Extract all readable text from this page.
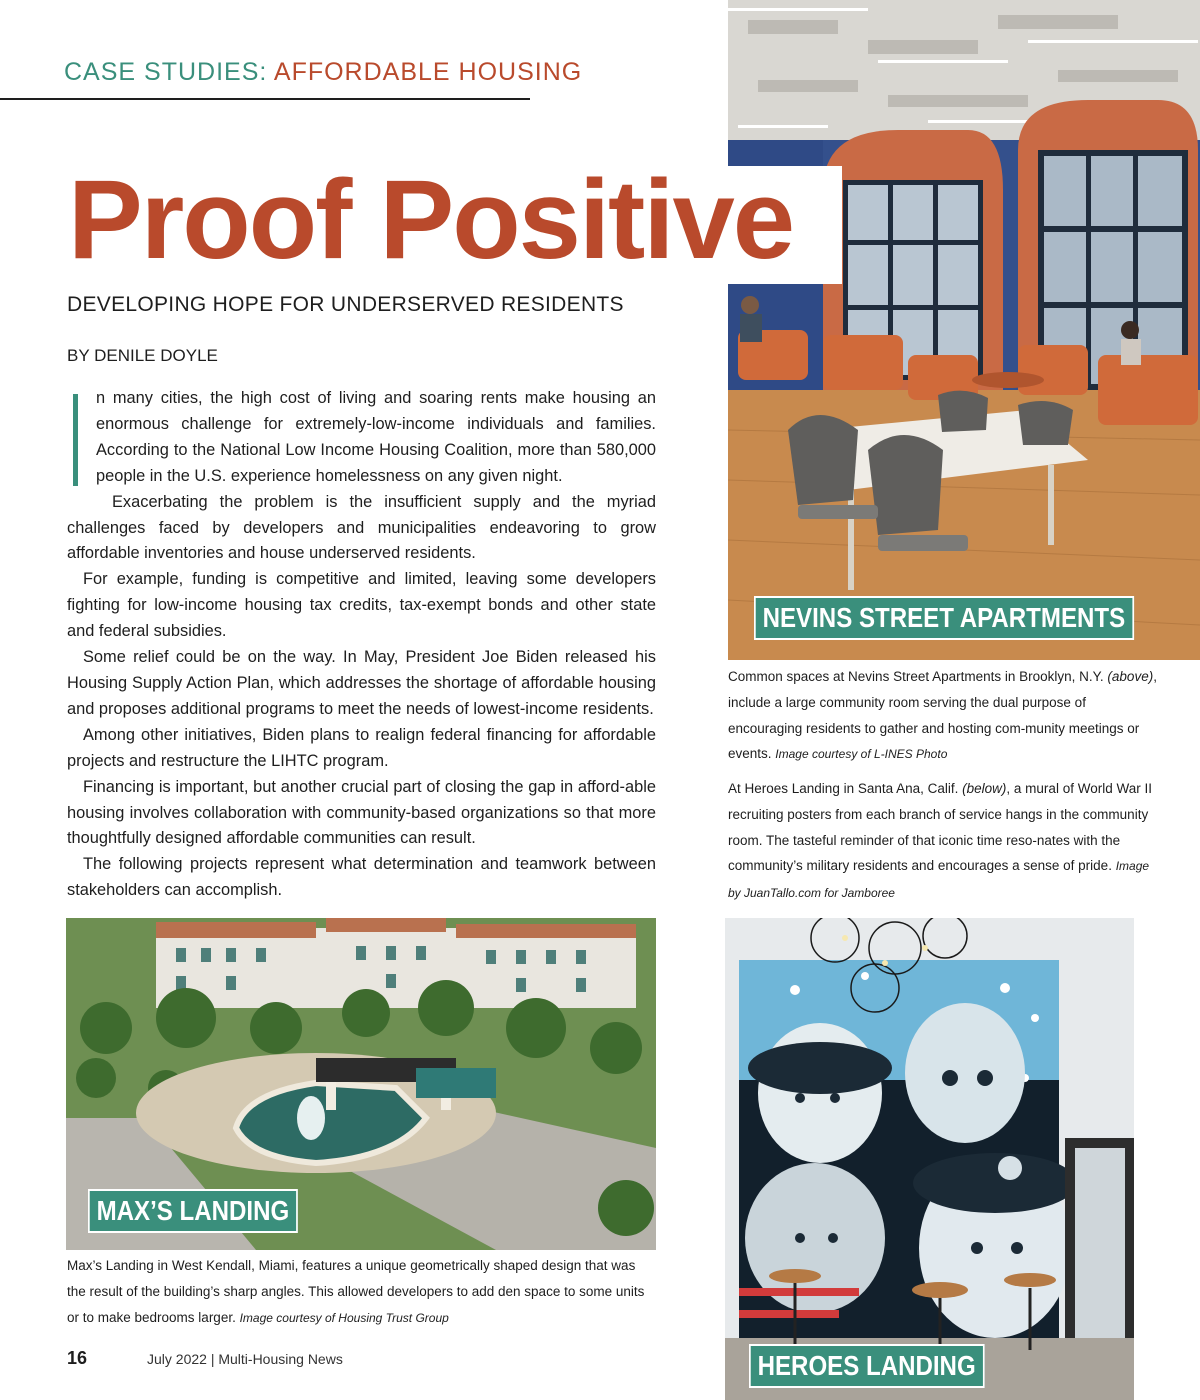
CASE STUDIES: AFFORDABLE HOUSING
NEVINS STREET APARTMENTS
Proof Positive
DEVELOPING HOPE FOR UNDERSERVED RESIDENTS
BY DENILE DOYLE

n many cities, the high cost of living and soaring rents make housing an enormous challenge for extremely-low-income individuals and families. According to the National Low Income Housing Coalition, more than 580,000 people in the U.S. experience homelessness on any given night.

Exacerbating the problem is the insufficient supply and the myriad challenges faced by developers and municipalities endeavoring to grow affordable inventories and house underserved residents.

For example, funding is competitive and limited, leaving some developers fighting for low-income housing tax credits, tax-exempt bonds and other state and federal subsidies.

Some relief could be on the way. In May, President Joe Biden released his Housing Supply Action Plan, which addresses the shortage of affordable housing and proposes additional programs to meet the needs of lowest-income residents.

Among other initiatives, Biden plans to realign federal financing for affordable projects and restructure the LIHTC program.

Financing is important, but another crucial part of closing the gap in afford-able housing involves collaboration with community-based organizations so that more thoughtfully designed affordable communities can result.

The following projects represent what determination and teamwork between stakeholders can accomplish.

Common spaces at Nevins Street Apartments in Brooklyn, N.Y. (above), include a large community room serving the dual purpose of encouraging residents to gather and hosting com-munity meetings or events. Image courtesy of L-INES Photo
At Heroes Landing in Santa Ana, Calif. (below), a mural of World War II recruiting posters from each branch of service hangs in the community room. The tasteful reminder of that iconic time reso-nates with the community’s military residents and encourages a sense of pride. Image by JuanTallo.com for Jamboree
MAX’S LANDING
Max’s Landing in West Kendall, Miami, features a unique geometrically shaped design that was the result of the building’s sharp angles. This allowed developers to add den space to some units or to make bedrooms larger. Image courtesy of Housing Trust Group
HEROES LANDING
16	July 2022 | Multi-Housing News
